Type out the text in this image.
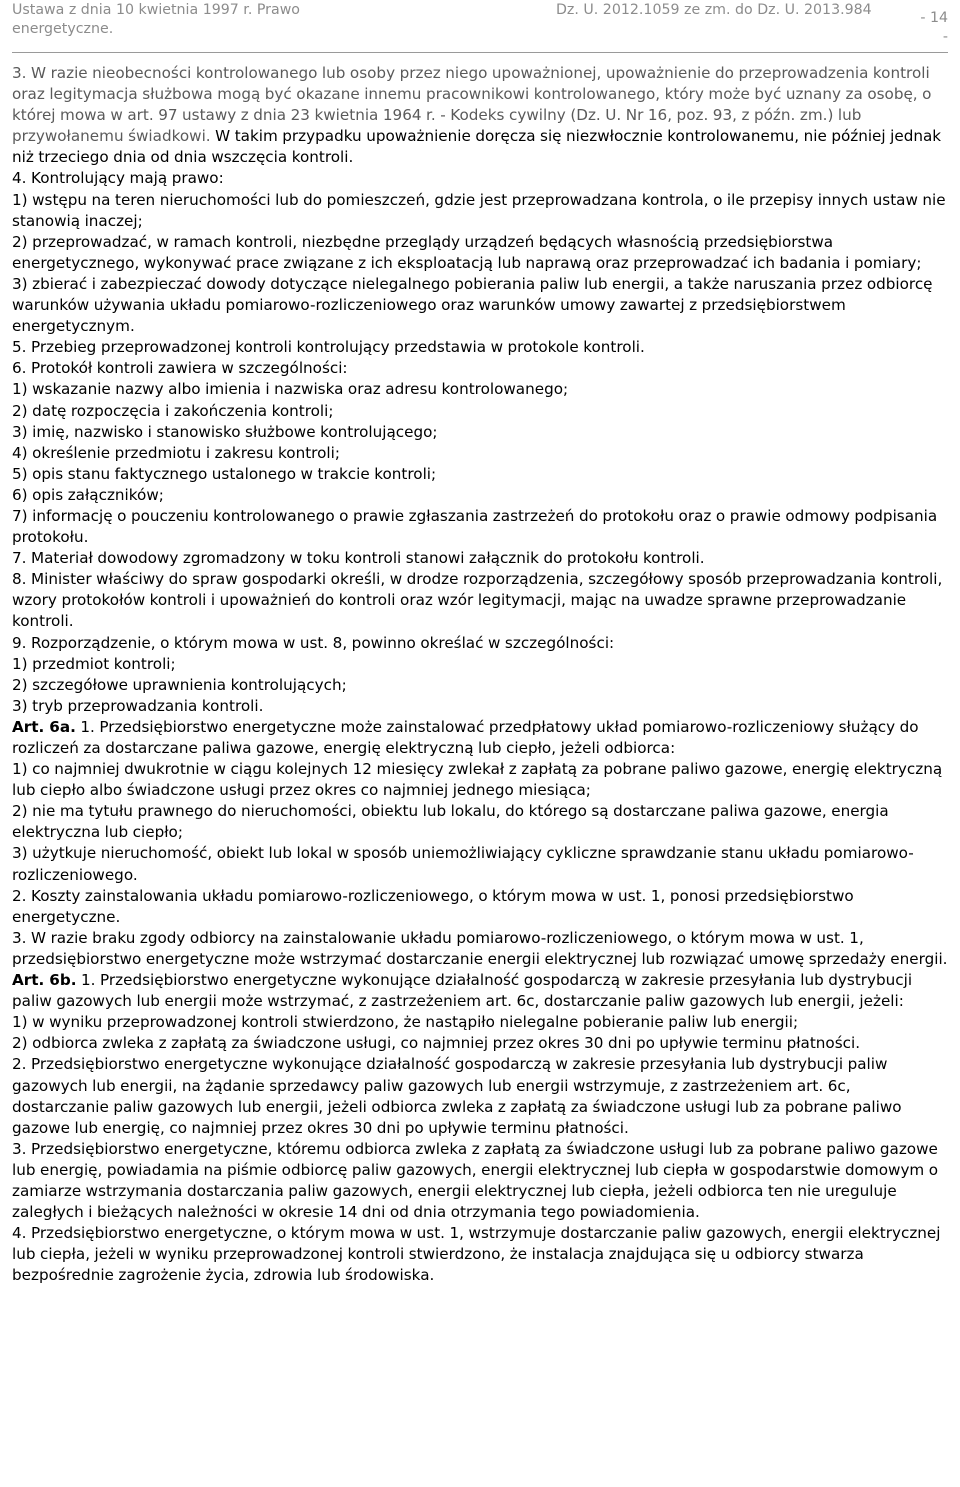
Ustawa z dnia 10 kwietnia 1997 r. Prawo energetyczne.
Dz. U. 2012.1059 ze zm. do Dz. U. 2013.984	- 14
-

3. W razie nieobecności kontrolowanego lub osoby przez niego upoważnionej, upoważnienie do przeprowadzenia kontroli oraz legitymacja służbowa mogą być okazane innemu pracownikowi kontrolowanego, który może być uznany za osobę, o której mowa w art. 97 ustawy z dnia 23 kwietnia 1964 r. - Kodeks cywilny (Dz. U. Nr 16, poz. 93, z późn. zm.) lub przywołanemu świadkowi. W takim przypadku upoważnienie doręcza się niezwłocznie kontrolowanemu, nie później jednak niż trzeciego dnia od dnia wszczęcia kontroli.

4. Kontrolujący mają prawo:

1) wstępu na teren nieruchomości lub do pomieszczeń, gdzie jest przeprowadzana kontrola, o ile przepisy innych ustaw nie stanowią inaczej;

2) przeprowadzać, w ramach kontroli, niezbędne przeglądy urządzeń będących własnością przedsiębiorstwa energetycznego, wykonywać prace związane z ich eksploatacją lub naprawą oraz przeprowadzać ich badania i pomiary;

3) zbierać i zabezpieczać dowody dotyczące nielegalnego pobierania paliw lub energii, a także naruszania przez odbiorcę warunków używania układu pomiarowo-rozliczeniowego oraz warunków umowy zawartej z przedsiębiorstwem energetycznym.

5. Przebieg przeprowadzonej kontroli kontrolujący przedstawia w protokole kontroli.

6. Protokół kontroli zawiera w szczególności:

1) wskazanie nazwy albo imienia i nazwiska oraz adresu kontrolowanego;

2) datę rozpoczęcia i zakończenia kontroli;

3) imię, nazwisko i stanowisko służbowe kontrolującego;

4) określenie przedmiotu i zakresu kontroli;

5) opis stanu faktycznego ustalonego w trakcie kontroli;

6) opis załączników;

7) informację o pouczeniu kontrolowanego o prawie zgłaszania zastrzeżeń do protokołu oraz o prawie odmowy podpisania protokołu.

7. Materiał dowodowy zgromadzony w toku kontroli stanowi załącznik do protokołu kontroli.

8. Minister właściwy do spraw gospodarki określi, w drodze rozporządzenia, szczegółowy sposób przeprowadzania kontroli, wzory protokołów kontroli i upoważnień do kontroli oraz wzór legitymacji, mając na uwadze sprawne przeprowadzanie kontroli.

9. Rozporządzenie, o którym mowa w ust. 8, powinno określać w szczególności:

1) przedmiot kontroli;

2) szczegółowe uprawnienia kontrolujących;

3) tryb przeprowadzania kontroli.

Art. 6a. 1. Przedsiębiorstwo energetyczne może zainstalować przedpłatowy układ pomiarowo-rozliczeniowy służący do rozliczeń za dostarczane paliwa gazowe, energię elektryczną lub ciepło, jeżeli odbiorca:

1) co najmniej dwukrotnie w ciągu kolejnych 12 miesięcy zwlekał z zapłatą za pobrane paliwo gazowe, energię elektryczną lub ciepło albo świadczone usługi przez okres co najmniej jednego miesiąca;

2) nie ma tytułu prawnego do nieruchomości, obiektu lub lokalu, do którego są dostarczane paliwa gazowe, energia elektryczna lub ciepło;

3) użytkuje nieruchomość, obiekt lub lokal w sposób uniemożliwiający cykliczne sprawdzanie stanu układu pomiarowo-rozliczeniowego.

2. Koszty zainstalowania układu pomiarowo-rozliczeniowego, o którym mowa w ust. 1, ponosi przedsiębiorstwo energetyczne.

3. W razie braku zgody odbiorcy na zainstalowanie układu pomiarowo-rozliczeniowego, o którym mowa w ust. 1, przedsiębiorstwo energetyczne może wstrzymać dostarczanie energii elektrycznej lub rozwiązać umowę sprzedaży energii.

Art. 6b. 1. Przedsiębiorstwo energetyczne wykonujące działalność gospodarczą w zakresie przesyłania lub dystrybucji paliw gazowych lub energii może wstrzymać, z zastrzeżeniem art. 6c, dostarczanie paliw gazowych lub energii, jeżeli:

1) w wyniku przeprowadzonej kontroli stwierdzono, że nastąpiło nielegalne pobieranie paliw lub energii;

2) odbiorca zwleka z zapłatą za świadczone usługi, co najmniej przez okres 30 dni po upływie terminu płatności.

2. Przedsiębiorstwo energetyczne wykonujące działalność gospodarczą w zakresie przesyłania lub dystrybucji paliw gazowych lub energii, na żądanie sprzedawcy paliw gazowych lub energii wstrzymuje, z zastrzeżeniem art. 6c, dostarczanie paliw gazowych lub energii, jeżeli odbiorca zwleka z zapłatą za świadczone usługi lub za pobrane paliwo gazowe lub energię, co najmniej przez okres 30 dni po upływie terminu płatności.

3. Przedsiębiorstwo energetyczne, któremu odbiorca zwleka z zapłatą za świadczone usługi lub za pobrane paliwo gazowe lub energię, powiadamia na piśmie odbiorcę paliw gazowych, energii elektrycznej lub ciepła w gospodarstwie domowym o zamiarze wstrzymania dostarczania paliw gazowych, energii elektrycznej lub ciepła, jeżeli odbiorca ten nie ureguluje zaległych i bieżących należności w okresie 14 dni od dnia otrzymania tego powiadomienia.

4. Przedsiębiorstwo energetyczne, o którym mowa w ust. 1, wstrzymuje dostarczanie paliw gazowych, energii elektrycznej lub ciepła, jeżeli w wyniku przeprowadzonej kontroli stwierdzono, że instalacja znajdująca się u odbiorcy stwarza bezpośrednie zagrożenie życia, zdrowia lub środowiska.
